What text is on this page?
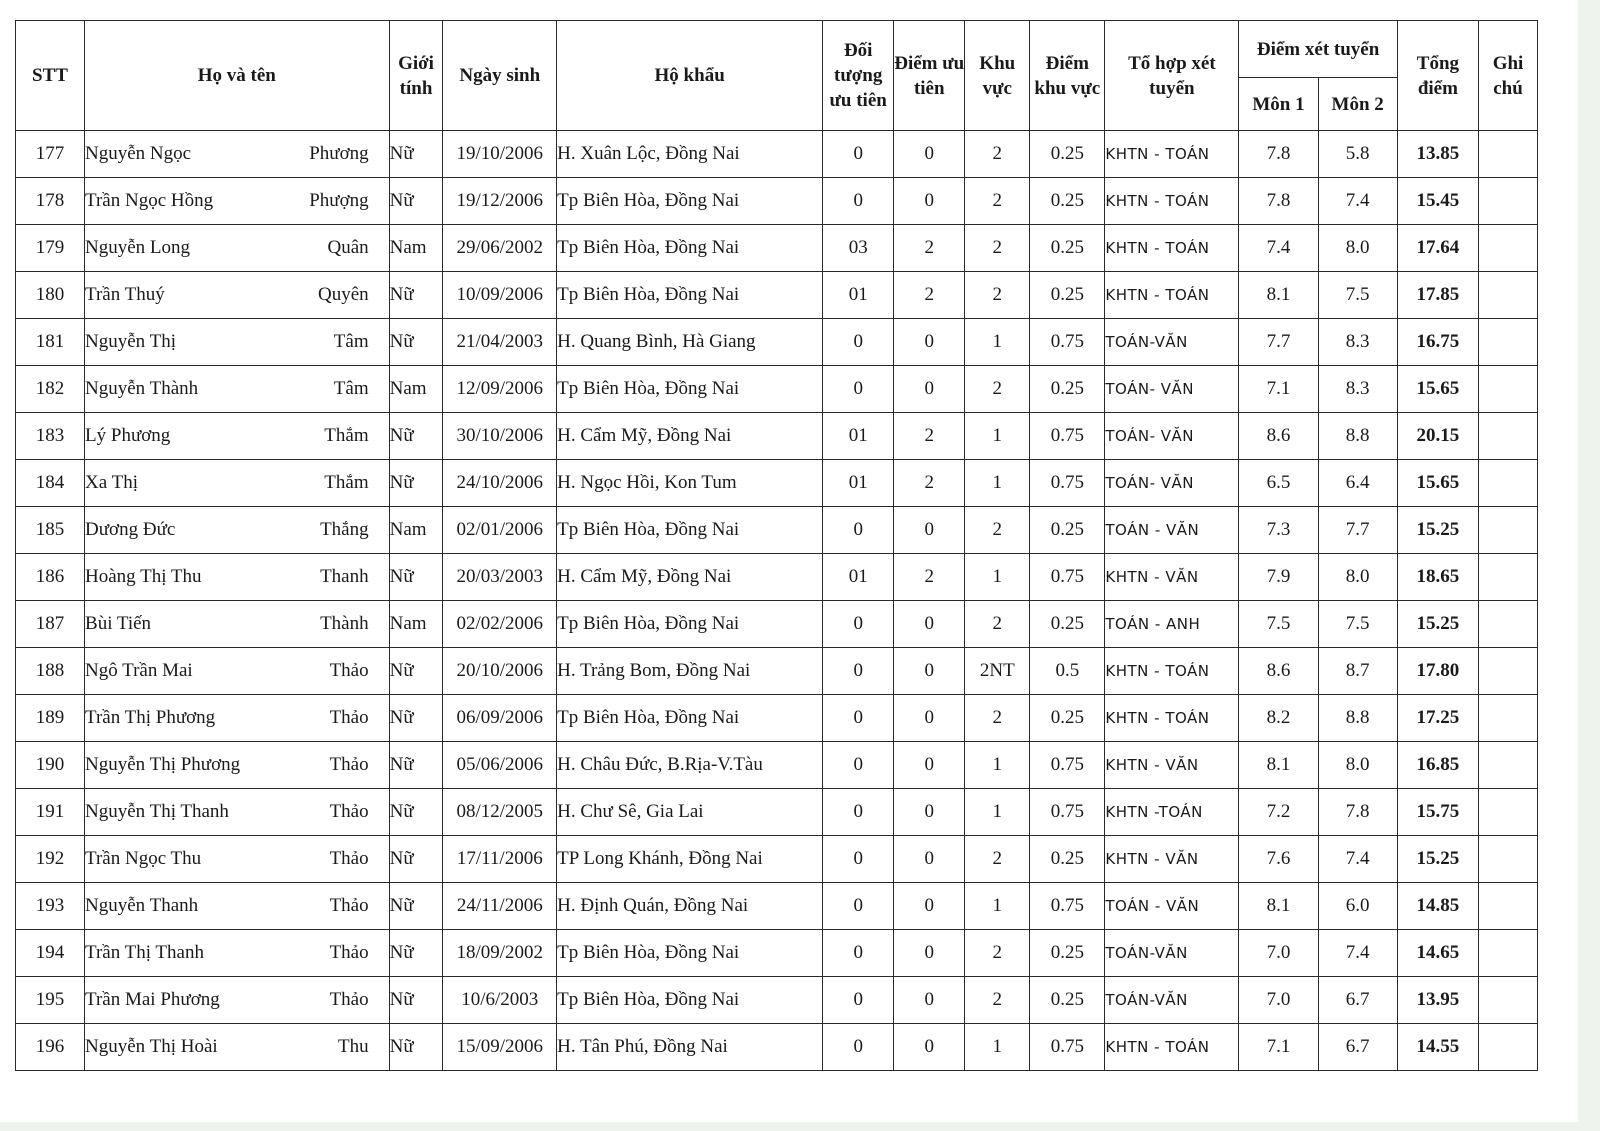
STT	Họ và tên	Giới tính	Ngày sinh	Hộ khẩu	Đối tượng ưu tiên	Điểm ưu tiên	Khu vực	Điểm khu vực	Tổ hợp xét tuyển	Điểm xét tuyển		Tổng điểm	Ghi chú
										Môn 1	Môn 2		
177	Nguyễn Ngọc Phương	Nữ	19/10/2006	H. Xuân Lộc, Đồng Nai	0	0	2	0.25	KHTN - TOÁN	7.8	5.8	13.85	
178	Trần Ngọc Hồng Phượng	Nữ	19/12/2006	Tp Biên Hòa, Đồng Nai	0	0	2	0.25	KHTN - TOÁN	7.8	7.4	15.45	
179	Nguyễn Long Quân	Nam	29/06/2002	Tp Biên Hòa, Đồng Nai	03	2	2	0.25	KHTN - TOÁN	7.4	8.0	17.64	
180	Trần Thuý Quyên	Nữ	10/09/2006	Tp Biên Hòa, Đồng Nai	01	2	2	0.25	KHTN - TOÁN	8.1	7.5	17.85	
181	Nguyễn Thị Tâm	Nữ	21/04/2003	H. Quang Bình, Hà Giang	0	0	1	0.75	TOÁN-VĂN	7.7	8.3	16.75	
182	Nguyễn Thành Tâm	Nam	12/09/2006	Tp Biên Hòa, Đồng Nai	0	0	2	0.25	TOÁN- VĂN	7.1	8.3	15.65	
183	Lý Phương Thắm	Nữ	30/10/2006	H. Cẩm Mỹ, Đồng Nai	01	2	1	0.75	TOÁN- VĂN	8.6	8.8	20.15	
184	Xa Thị Thắm	Nữ	24/10/2006	H. Ngọc Hồi, Kon Tum	01	2	1	0.75	TOÁN- VĂN	6.5	6.4	15.65	
185	Dương Đức Thắng	Nam	02/01/2006	Tp Biên Hòa, Đồng Nai	0	0	2	0.25	TOÁN - VĂN	7.3	7.7	15.25	
186	Hoàng Thị Thu Thanh	Nữ	20/03/2003	H. Cẩm Mỹ, Đồng Nai	01	2	1	0.75	KHTN - VĂN	7.9	8.0	18.65	
187	Bùi Tiến Thành	Nam	02/02/2006	Tp Biên Hòa, Đồng Nai	0	0	2	0.25	TOÁN - ANH	7.5	7.5	15.25	
188	Ngô Trần Mai Thảo	Nữ	20/10/2006	H. Trảng Bom, Đồng Nai	0	0	2NT	0.5	KHTN - TOÁN	8.6	8.7	17.80	
189	Trần Thị Phương Thảo	Nữ	06/09/2006	Tp Biên Hòa, Đồng Nai	0	0	2	0.25	KHTN - TOÁN	8.2	8.8	17.25	
190	Nguyễn Thị Phương Thảo	Nữ	05/06/2006	H. Châu Đức, B.Rịa-V.Tàu	0	0	1	0.75	KHTN - VĂN	8.1	8.0	16.85	
191	Nguyễn Thị Thanh Thảo	Nữ	08/12/2005	H. Chư Sê, Gia Lai	0	0	1	0.75	KHTN -TOÁN	7.2	7.8	15.75	
192	Trần Ngọc Thu Thảo	Nữ	17/11/2006	TP Long Khánh, Đồng Nai	0	0	2	0.25	KHTN - VĂN	7.6	7.4	15.25	
193	Nguyễn Thanh Thảo	Nữ	24/11/2006	H. Định Quán, Đồng Nai	0	0	1	0.75	TOÁN - VĂN	8.1	6.0	14.85	
194	Trần Thị Thanh Thảo	Nữ	18/09/2002	Tp Biên Hòa, Đồng Nai	0	0	2	0.25	TOÁN-VĂN	7.0	7.4	14.65	
195	Trần Mai Phương Thảo	Nữ	10/6/2003	Tp Biên Hòa, Đồng Nai	0	0	2	0.25	TOÁN-VĂN	7.0	6.7	13.95	
196	Nguyễn Thị Hoài Thu	Nữ	15/09/2006	H. Tân Phú, Đồng Nai	0	0	1	0.75	KHTN - TOÁN	7.1	6.7	14.55	
